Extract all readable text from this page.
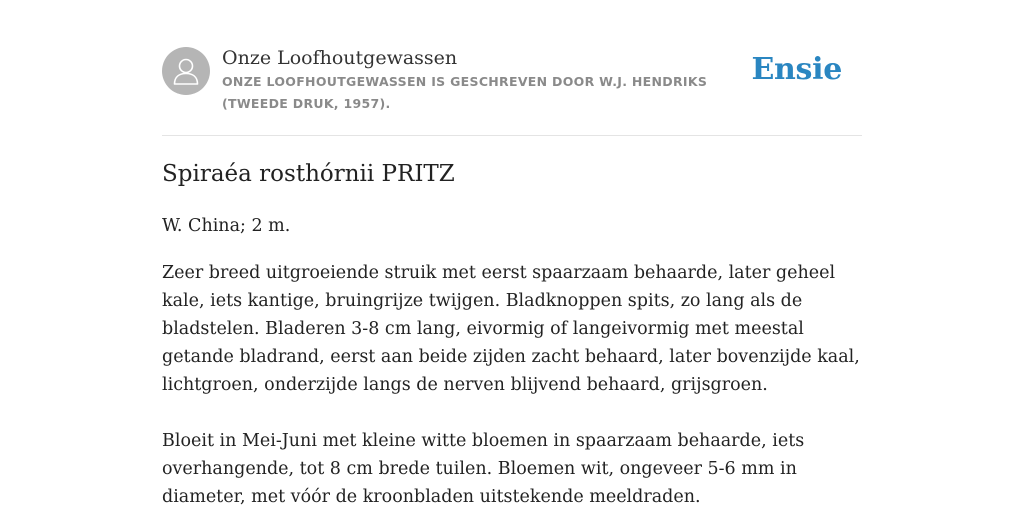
Onze Loofhoutgewassen
ONZE LOOFHOUTGEWASSEN IS GESCHREVEN DOOR W.J. HENDRIKS (TWEEDE DRUK, 1957).
Ensie
Spiraéa rosthórnii PRITZ

W. China; 2 m.

Zeer breed uitgroeiende struik met eerst spaarzaam behaarde, later geheel kale, iets kantige, bruingrijze twijgen. Bladknoppen spits, zo lang als de bladstelen. Bladeren 3-8 cm lang, eivormig of langeivormig met meestal getande bladrand, eerst aan beide zijden zacht behaard, later bovenzijde kaal, lichtgroen, onderzijde langs de nerven blijvend behaard, grijsgroen.

Bloeit in Mei-Juni met kleine witte bloemen in spaarzaam behaarde, iets overhangende, tot 8 cm brede tuilen. Bloemen wit, ongeveer 5-6 mm in diameter, met vóór de kroonbladen uitstekende meeldraden.
